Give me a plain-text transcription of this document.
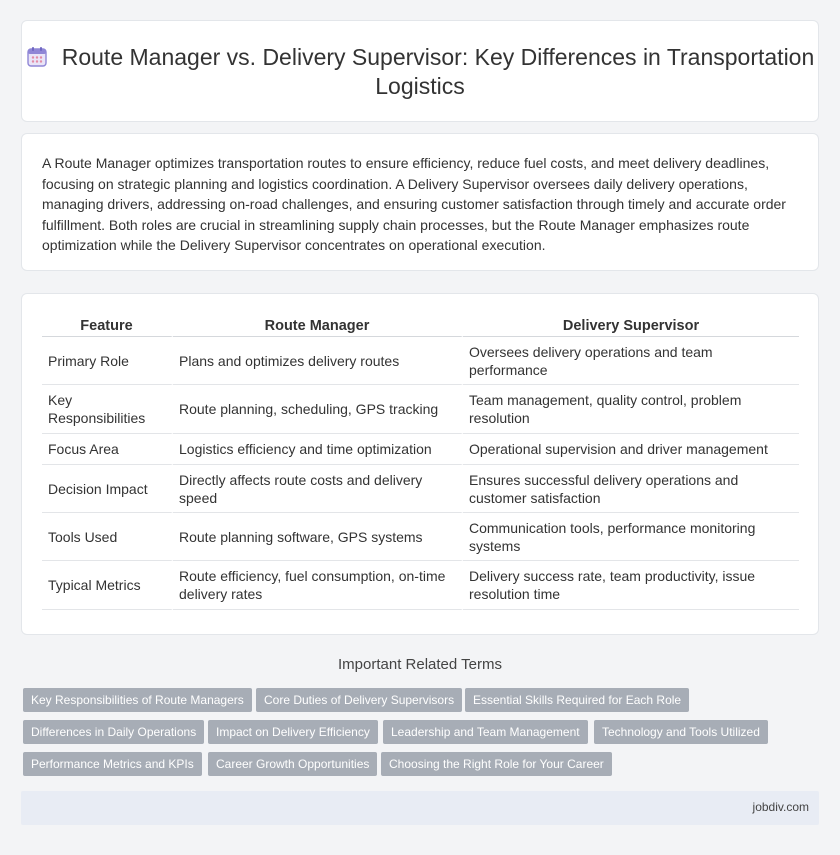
Route Manager vs. Delivery Supervisor: Key Differences in Transportation Logistics

A Route Manager optimizes transportation routes to ensure efficiency, reduce fuel costs, and meet delivery deadlines, focusing on strategic planning and logistics coordination. A Delivery Supervisor oversees daily delivery operations, managing drivers, addressing on-road challenges, and ensuring customer satisfaction through timely and accurate order fulfillment. Both roles are crucial in streamlining supply chain processes, but the Route Manager emphasizes route optimization while the Delivery Supervisor concentrates on operational execution.

Feature	Route Manager	Delivery Supervisor
Primary Role	Plans and optimizes delivery routes	Oversees delivery operations and team performance
Key Responsibilities	Route planning, scheduling, GPS tracking	Team management, quality control, problem resolution
Focus Area	Logistics efficiency and time optimization	Operational supervision and driver management
Decision Impact	Directly affects route costs and delivery speed	Ensures successful delivery operations and customer satisfaction
Tools Used	Route planning software, GPS systems	Communication tools, performance monitoring systems
Typical Metrics	Route efficiency, fuel consumption, on-time delivery rates	Delivery success rate, team productivity, issue resolution time
Important Related Terms
Key Responsibilities of Route Managers	Core Duties of Delivery Supervisors	Essential Skills Required for Each Role
Differences in Daily Operations	Impact on Delivery Efficiency	Leadership and Team Management	Technology and Tools Utilized
Performance Metrics and KPIs	Career Growth Opportunities	Choosing the Right Role for Your Career
jobdiv.com
